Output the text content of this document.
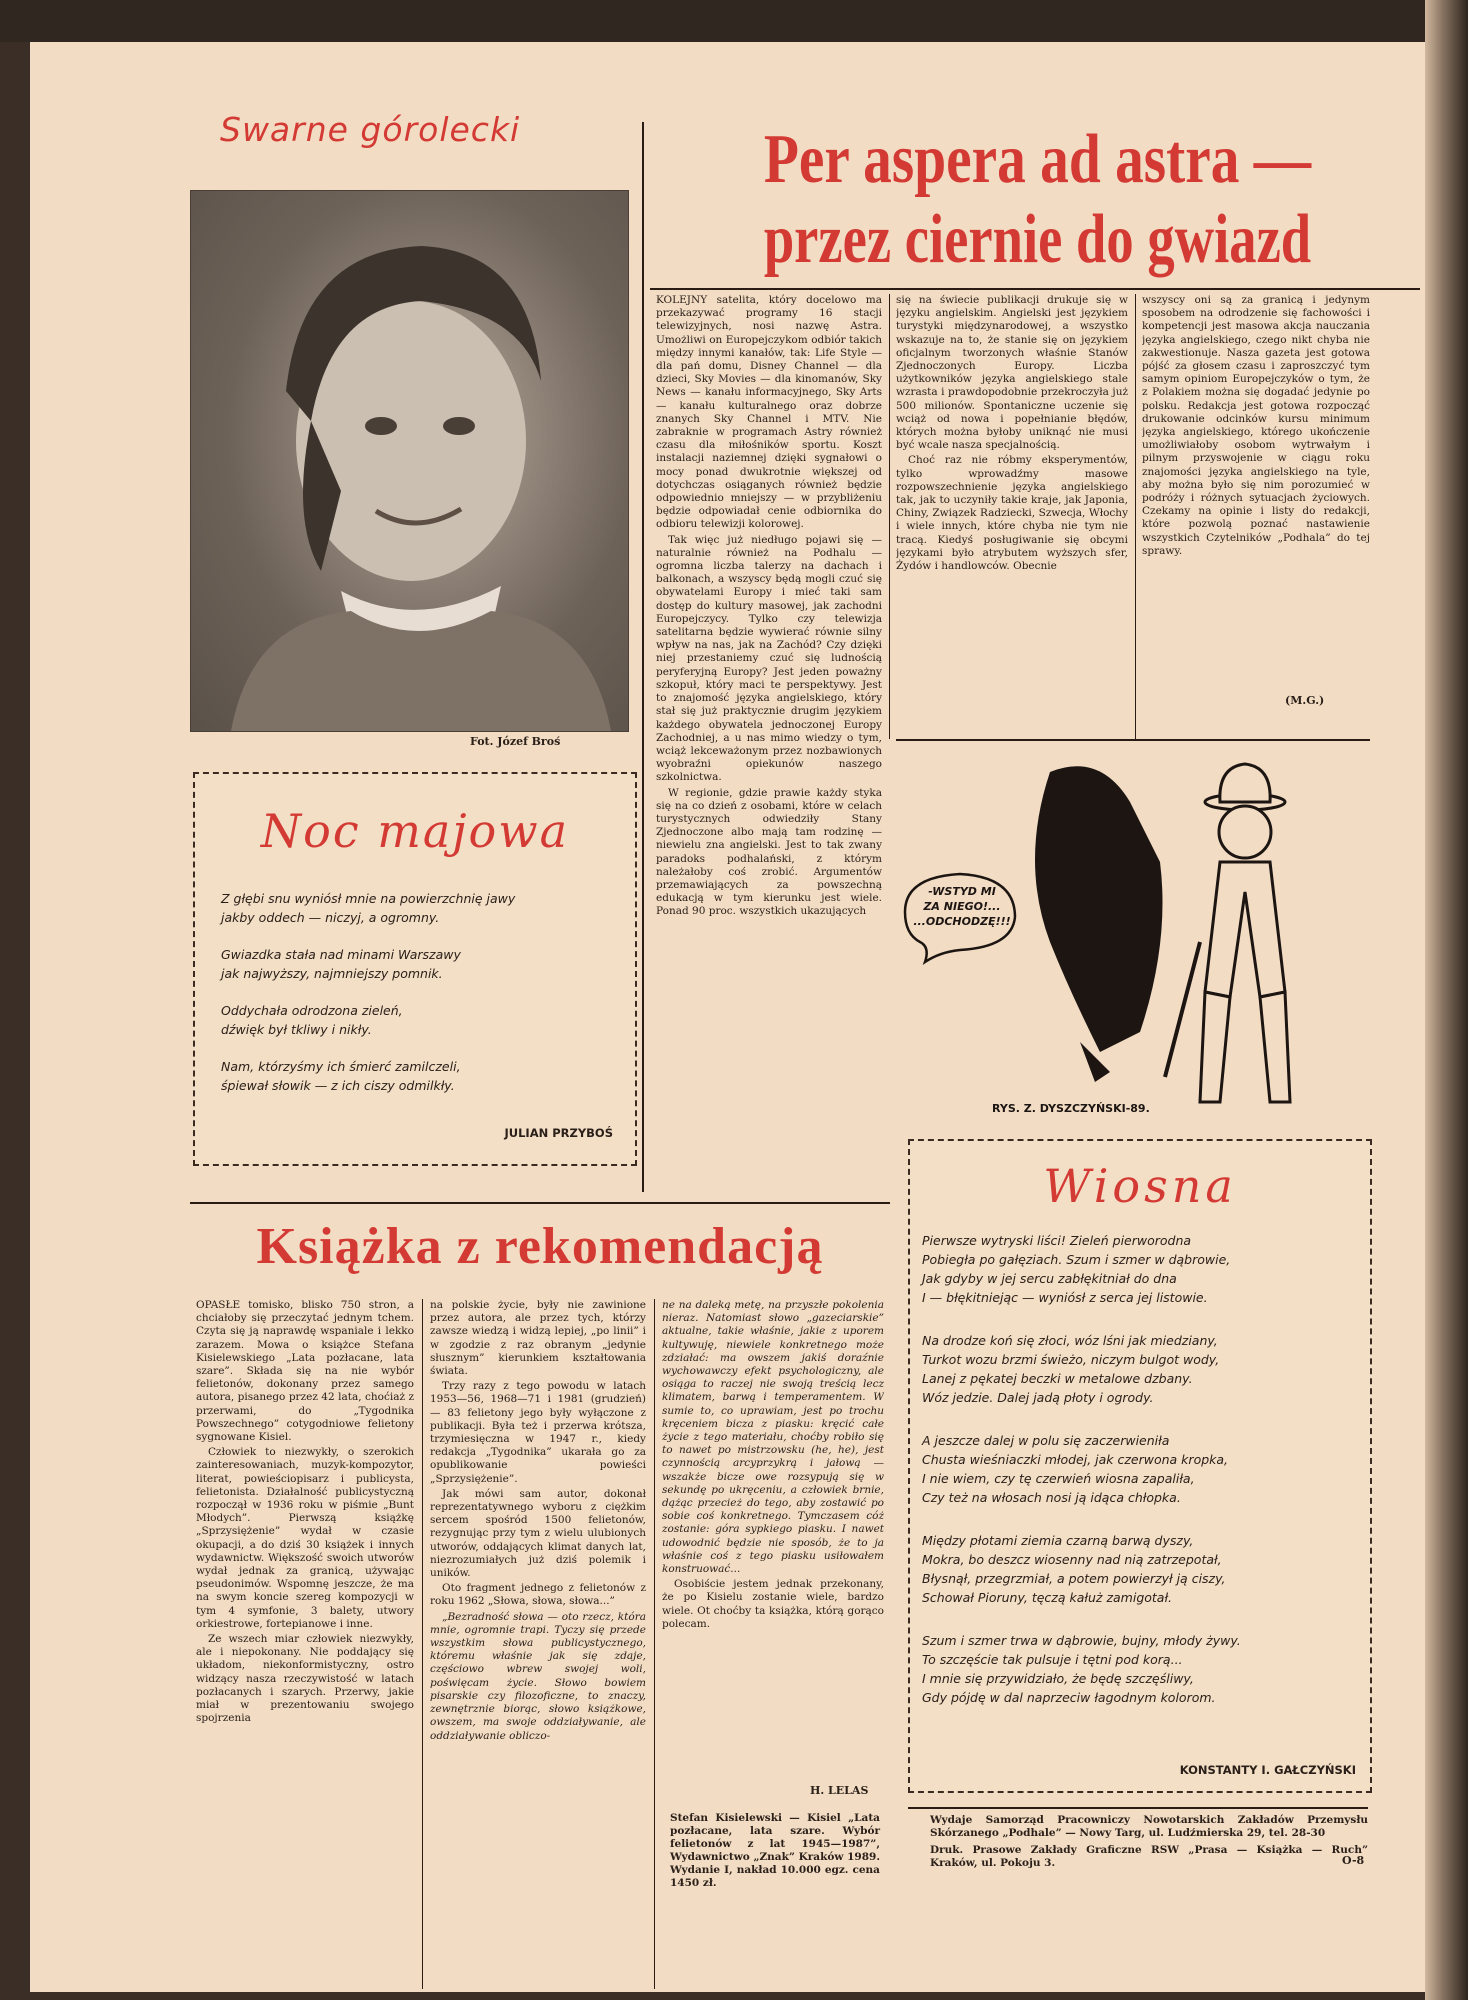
Swarne górolecki
Fot. Józef Broś
Noc majowa
Z głębi snu wyniósł mnie na powierzchnię jawy
jakby oddech — niczyj, a ogromny.
Gwiazdka stała nad minami Warszawy
jak najwyższy, najmniejszy pomnik.
Oddychała odrodzona zieleń,
dźwięk był tkliwy i nikły.
Nam, którzyśmy ich śmierć zamilczeli,
śpiewał słowik — z ich ciszy odmilkły.
JULIAN PRZYBOŚ
Per aspera ad astra —
przez ciernie do gwiazd

KOLEJNY satelita, który docelowo ma przekazywać programy 16 stacji telewizyjnych, nosi nazwę Astra. Umożliwi on Europejczykom odbiór takich między innymi kanałów, tak: Life Style — dla pań domu, Disney Channel — dla dzieci, Sky Movies — dla kinomanów, Sky News — kanału informacyjnego, Sky Arts — kanału kulturalnego oraz dobrze znanych Sky Channel i MTV. Nie zabraknie w programach Astry również czasu dla miłośników sportu. Koszt instalacji naziemnej dzięki sygnałowi o mocy ponad dwukrotnie większej od dotychczas osiąganych również będzie odpowiednio mniejszy — w przybliżeniu będzie odpowiadał cenie odbiornika do odbioru telewizji kolorowej.

Tak więc już niedługo pojawi się — naturalnie również na Podhalu — ogromna liczba talerzy na dachach i balkonach, a wszyscy będą mogli czuć się obywatelami Europy i mieć taki sam dostęp do kultury masowej, jak zachodni Europejczycy. Tylko czy telewizja satelitarna będzie wywierać równie silny wpływ na nas, jak na Zachód? Czy dzięki niej przestaniemy czuć się ludnością peryferyjną Europy? Jest jeden poważny szkopuł, który maci te perspektywy. Jest to znajomość języka angielskiego, który stał się już praktycznie drugim językiem każdego obywatela jednoczonej Europy Zachodniej, a u nas mimo wiedzy o tym, wciąż lekceważonym przez nozbawionych wyobraźni opiekunów naszego szkolnictwa.

W regionie, gdzie prawie każdy styka się na co dzień z osobami, które w celach turystycznych odwiedziły Stany Zjednoczone albo mają tam rodzinę — niewielu zna angielski. Jest to tak zwany paradoks podhalański, z którym należałoby coś zrobić. Argumentów przemawiających za powszechną edukacją w tym kierunku jest wiele. Ponad 90 proc. wszystkich ukazujących

się na świecie publikacji drukuje się w języku angielskim. Angielski jest językiem turystyki międzynarodowej, a wszystko wskazuje na to, że stanie się on językiem oficjalnym tworzonych właśnie Stanów Zjednoczonych Europy. Liczba użytkowników języka angielskiego stale wzrasta i prawdopodobnie przekroczyła już 500 milionów. Spontaniczne uczenie się wciąż od nowa i popełnianie błędów, których można byłoby uniknąć nie musi być wcale nasza specjalnością.

Choć raz nie róbmy eksperymentów, tylko wprowadźmy masowe rozpowszechnienie języka angielskiego tak, jak to uczyniły takie kraje, jak Japonia, Chiny, Związek Radziecki, Szwecja, Włochy i wiele innych, które chyba nie tym nie tracą. Kiedyś posługiwanie się obcymi językami było atrybutem wyższych sfer, Żydów i handlowców. Obecnie

wszyscy oni są za granicą i jedynym sposobem na odrodzenie się fachowości i kompetencji jest masowa akcja nauczania języka angielskiego, czego nikt chyba nie zakwestionuje. Nasza gazeta jest gotowa pójść za głosem czasu i zaproszczyć tym samym opiniom Europejczyków o tym, że z Polakiem można się dogadać jedynie po polsku. Redakcja jest gotowa rozpocząć drukowanie odcinków kursu minimum języka angielskiego, którego ukończenie umożliwiałoby osobom wytrwałym i pilnym przyswojenie w ciągu roku znajomości języka angielskiego na tyle, aby można było się nim porozumieć w podróży i różnych sytuacjach życiowych. Czekamy na opinie i listy do redakcji, które pozwolą poznać nastawienie wszystkich Czytelników „Podhala” do tej sprawy.

(M.G.)
-WSTYD MI
ZA NIEGO!...
...ODCHODZĘ!!!
RYS. Z. DYSZCZYŃSKI-89.
Wiosna
Pierwsze wytryski liści! Zieleń pierworodna
Pobiegła po gałęziach. Szum i szmer w dąbrowie,
Jak gdyby w jej sercu zabłękitniał do dna
I — błękitniejąc — wyniósł z serca jej listowie.
Na drodze koń się złoci, wóz lśni jak miedziany,
Turkot wozu brzmi świeżo, niczym bulgot wody,
Lanej z pękatej beczki w metalowe dzbany.
Wóz jedzie. Dalej jadą płoty i ogrody.
A jeszcze dalej w polu się zaczerwieniła
Chusta wieśniaczki młodej, jak czerwona kropka,
I nie wiem, czy tę czerwień wiosna zapaliła,
Czy też na włosach nosi ją idąca chłopka.
Między płotami ziemia czarną barwą dyszy,
Mokra, bo deszcz wiosenny nad nią zatrzepotał,
Błysnął, przegrzmiał, a potem powierzył ją ciszy,
Schował Pioruny, tęczą kałuż zamigotał.
Szum i szmer trwa w dąbrowie, bujny, młody żywy.
To szczęście tak pulsuje i tętni pod korą...
I mnie się przywidziało, że będę szczęśliwy,
Gdy pójdę w dal naprzeciw łagodnym kolorom.
KONSTANTY I. GAŁCZYŃSKI
Wydaje Samorząd Pracowniczy Nowotarskich Zakładów Przemysłu Skórzanego „Podhale” — Nowy Targ, ul. Ludźmierska 29, tel. 28-30
Druk. Prasowe Zakłady Graficzne RSW „Prasa — Książka — Ruch” Kraków, ul. Pokoju 3.	O-8
Książka z rekomendacją

OPASŁE tomisko, blisko 750 stron, a chciałoby się przeczytać jednym tchem. Czyta się ją naprawdę wspaniale i lekko zarazem. Mowa o książce Stefana Kisielewskiego „Lata pozłacane, lata szare”. Składa się na nie wybór felietonów, dokonany przez samego autora, pisanego przez 42 lata, choćiaż z przerwami, do „Tygodnika Powszechnego” cotygodniowe felietony sygnowane Kisiel.

Człowiek to niezwykły, o szerokich zainteresowaniach, muzyk-kompozytor, literat, powieściopisarz i publicysta, felietonista. Działalność publicystyczną rozpoczął w 1936 roku w piśmie „Bunt Młodych”. Pierwszą książkę „Sprzysiężenie” wydał w czasie okupacji, a do dziś 30 książek i innych wydawnictw. Większość swoich utworów wydał jednak za granicą, używając pseudonimów. Wspomnę jeszcze, że ma na swym koncie szereg kompozycji w tym 4 symfonie, 3 balety, utwory orkiestrowe, fortepianowe i inne.

Ze wszech miar człowiek niezwykły, ale i niepokonany. Nie poddający się układom, niekonformistyczny, ostro widzący nasza rzeczywistość w latach pozłacanych i szarych. Przerwy, jakie miał w prezentowaniu swojego spojrzenia

na polskie życie, były nie zawinione przez autora, ale przez tych, którzy zawsze wiedzą i widzą lepiej, „po linii” i w zgodzie z raz obranym „jedynie słusznym” kierunkiem kształtowania świata.

Trzy razy z tego powodu w latach 1953—56, 1968—71 i 1981 (grudzień) — 83 felietony jego były wyłączone z publikacji. Była też i przerwa krótsza, trzymiesięczna w 1947 r., kiedy redakcja „Tygodnika” ukarała go za opublikowanie powieści „Sprzysiężenie”.

Jak mówi sam autor, dokonał reprezentatywnego wyboru z ciężkim sercem spośród 1500 felietonów, rezygnując przy tym z wielu ulubionych utworów, oddających klimat danych lat, niezrozumiałych już dziś polemik i uników.

Oto fragment jednego z felietonów z roku 1962 „Słowa, słowa, słowa...”

„Bezradność słowa — oto rzecz, która mnie, ogromnie trapi. Tyczy się przede wszystkim słowa publicystycznego, któremu właśnie jak się zdaje, częściowo wbrew swojej woli, poświęcam życie. Słowo bowiem pisarskie czy filozoficzne, to znaczy, zewnętrznie biorąc, słowo książkowe, owszem, ma swoje oddziaływanie, ale oddziaływanie obliczo-

ne na daleką metę, na przyszłe pokolenia nieraz. Natomiast słowo „gazeciarskie” aktualne, takie właśnie, jakie z uporem kultywuję, niewiele konkretnego może zdziałać: ma owszem jakiś doraźnie wychowawczy efekt psychologiczny, ale osiąga to raczej nie swoją treścią lecz klimatem, barwą i temperamentem. W sumie to, co uprawiam, jest po trochu kręceniem bicza z piasku: kręcić całe życie z tego materiału, choćby robiło się to nawet po mistrzowsku (he, he), jest czynnością arcyprzykrą i jałową — wszakże bicze owe rozsypują się w sekundę po ukręceniu, a człowiek brnie, dążąc przecież do tego, aby zostawić po sobie coś konkretnego. Tymczasem cóż zostanie: góra sypkiego piasku. I nawet udowodnić będzie nie sposób, że to ja właśnie coś z tego piasku usiłowałem konstruować...

Osobiście jestem jednak przekonany, że po Kisielu zostanie wiele, bardzo wiele. Ot choćby ta książka, którą gorąco polecam.

H. LELAS
Stefan Kisielewski — Kisiel „Lata pozłacane, lata szare. Wybór felietonów z lat 1945—1987”, Wydawnictwo „Znak” Kraków 1989. Wydanie I, nakład 10.000 egz. cena 1450 zł.
